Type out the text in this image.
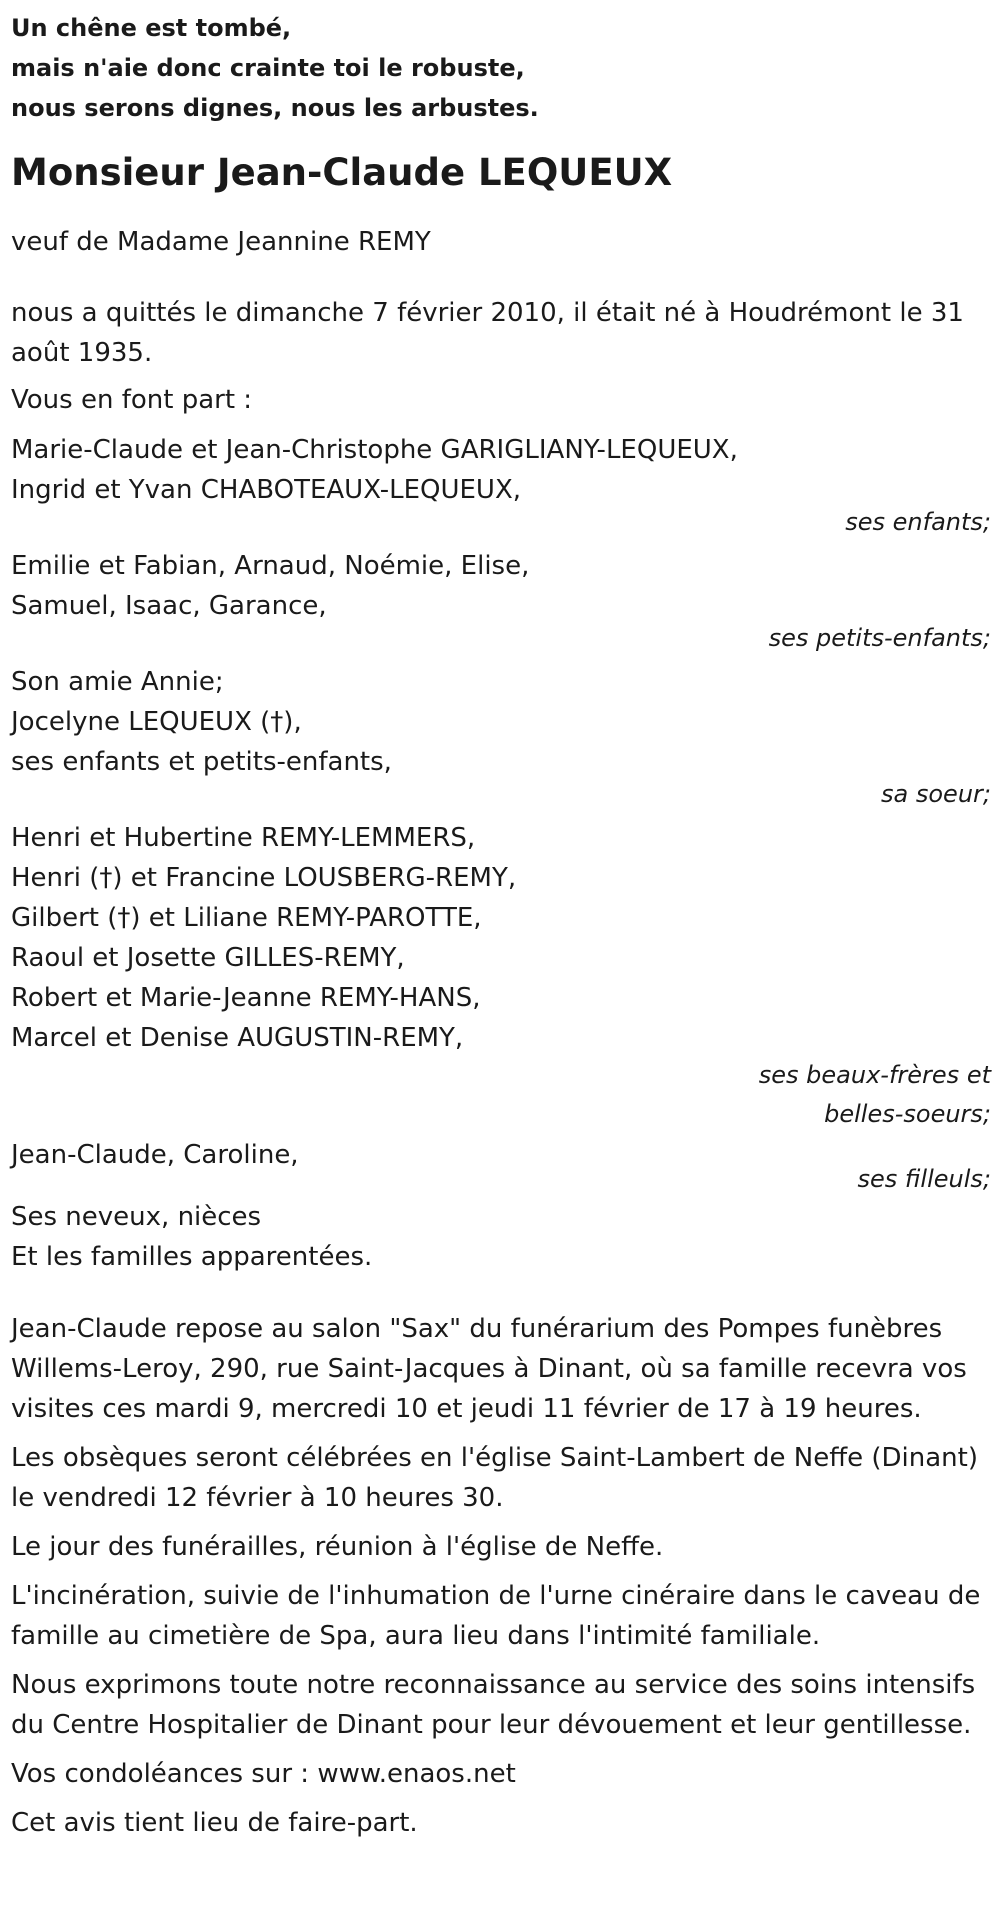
Un chêne est tombé,
mais n'aie donc crainte toi le robuste,
nous serons dignes, nous les arbustes.
Monsieur Jean-Claude LEQUEUX
veuf de Madame Jeannine REMY
nous a quittés le dimanche 7 février 2010, il était né à Houdrémont le 31 août 1935.
Vous en font part :
Marie-Claude et Jean-Christophe GARIGLIANY-LEQUEUX,
Ingrid et Yvan CHABOTEAUX-LEQUEUX,
ses enfants;
Emilie et Fabian, Arnaud, Noémie, Elise,
Samuel, Isaac, Garance,
ses petits-enfants;
Son amie Annie;
Jocelyne LEQUEUX (†),
ses enfants et petits-enfants,
sa soeur;
Henri et Hubertine REMY-LEMMERS,
Henri (†) et Francine LOUSBERG-REMY,
Gilbert (†) et Liliane REMY-PAROTTE,
Raoul et Josette GILLES-REMY,
Robert et Marie-Jeanne REMY-HANS,
Marcel et Denise AUGUSTIN-REMY,
ses beaux-frères et
belles-soeurs;
Jean-Claude, Caroline,
ses filleuls;
Ses neveux, nièces
Et les familles apparentées.
Jean-Claude repose au salon "Sax" du funérarium des Pompes funèbres Willems-Leroy, 290, rue Saint-Jacques à Dinant, où sa famille recevra vos visites ces mardi 9, mercredi 10 et jeudi 11 février de 17 à 19 heures.
Les obsèques seront célébrées en l'église Saint-Lambert de Neffe (Dinant) le vendredi 12 février à 10 heures 30.
Le jour des funérailles, réunion à l'église de Neffe.
L'incinération, suivie de l'inhumation de l'urne cinéraire dans le caveau de famille au cimetière de Spa, aura lieu dans l'intimité familiale.
Nous exprimons toute notre reconnaissance au service des soins intensifs du Centre Hospitalier de Dinant pour leur dévouement et leur gentillesse.
Vos condoléances sur : www.enaos.net
Cet avis tient lieu de faire-part.
